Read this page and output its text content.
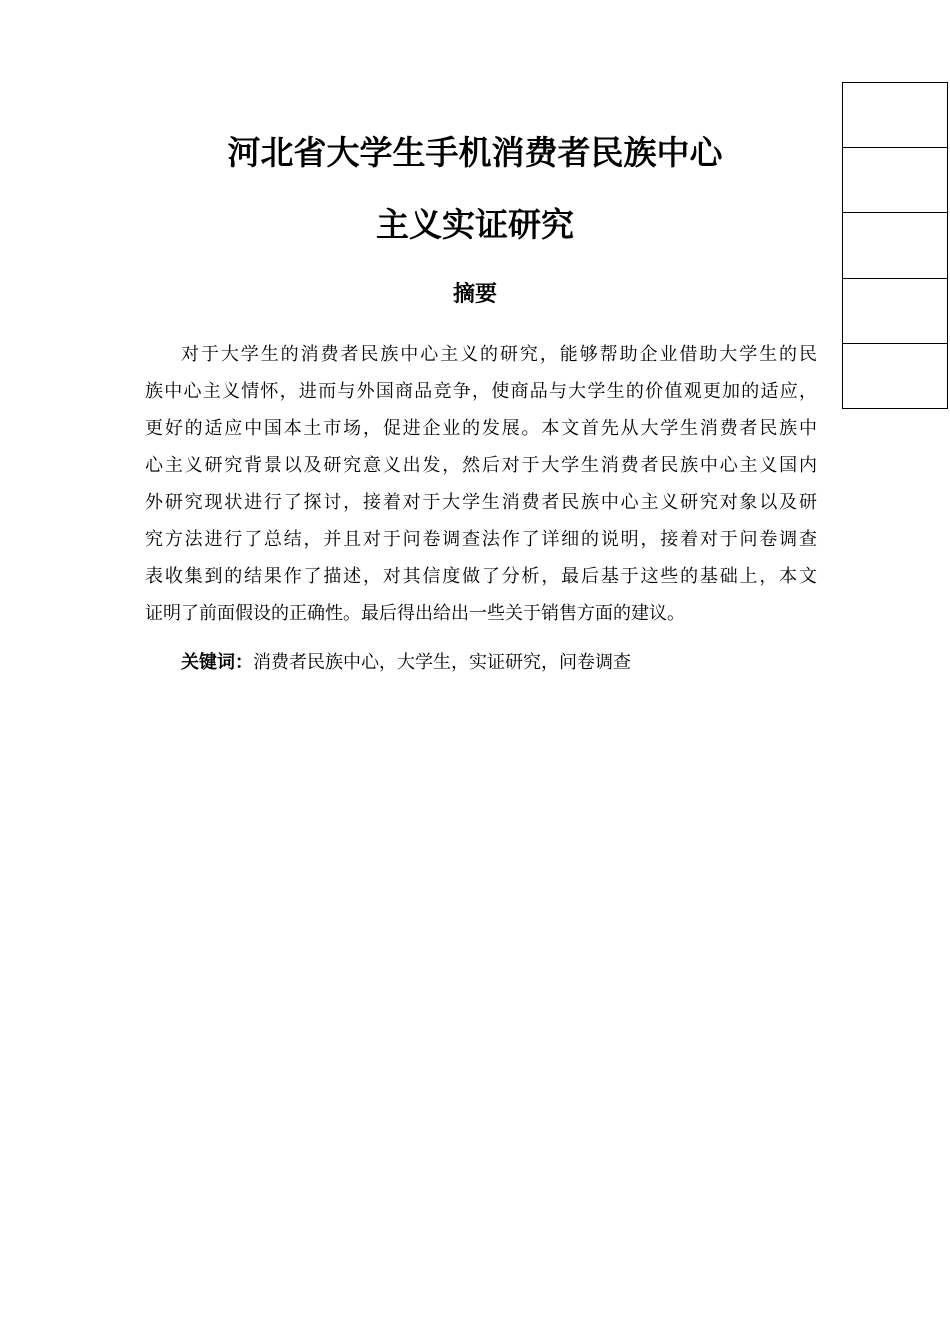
河北省大学生手机消费者民族中心
主义实证研究
摘要
对于大学生的消费者民族中心主义的研究，能够帮助企业借助大学生的民
族中心主义情怀，进而与外国商品竞争，使商品与大学生的价值观更加的适应，
更好的适应中国本土市场，促进企业的发展。本文首先从大学生消费者民族中
心主义研究背景以及研究意义出发，然后对于大学生消费者民族中心主义国内
外研究现状进行了探讨，接着对于大学生消费者民族中心主义研究对象以及研
究方法进行了总结，并且对于问卷调查法作了详细的说明，接着对于问卷调查
表收集到的结果作了描述，对其信度做了分析，最后基于这些的基础上，本文
证明了前面假设的正确性。最后得出给出一些关于销售方面的建议。

关键词：消费者民族中心，大学生，实证研究，问卷调查
